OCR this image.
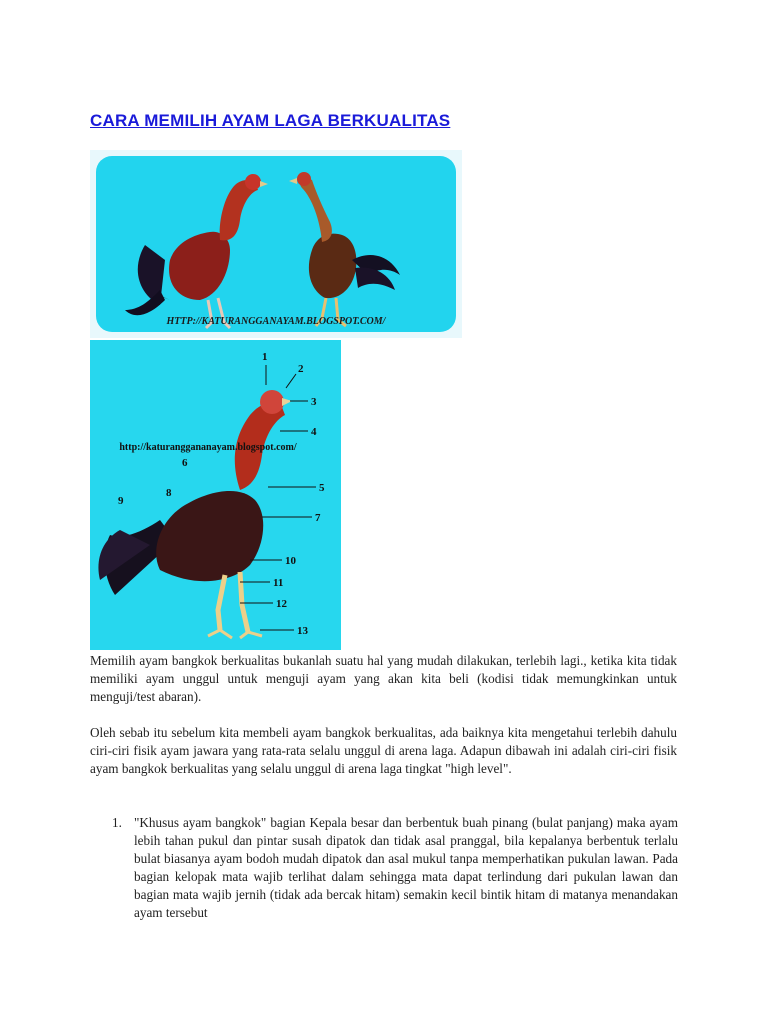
CARA MEMILIH AYAM LAGA BERKUALITAS
HTTP://KATURANGGANAYAM.BLOGSPOT.COM/
http://katuranggananayam.blogspot.com/
1
2
3
4
6
5
8
9
7
10
11
12
13

Memilih ayam bangkok berkualitas bukanlah suatu hal yang mudah dilakukan, terlebih lagi., ketika kita tidak memiliki ayam unggul untuk menguji ayam yang akan kita beli (kodisi tidak memungkinkan untuk menguji/test abaran).

Oleh sebab itu sebelum kita membeli ayam bangkok berkualitas, ada baiknya kita mengetahui terlebih dahulu ciri-ciri fisik ayam jawara yang rata-rata selalu unggul di arena laga. Adapun dibawah ini adalah ciri-ciri fisik ayam bangkok berkualitas yang selalu unggul di arena laga tingkat "high level".

1. "Khusus ayam bangkok" bagian Kepala besar dan berbentuk buah pinang (bulat panjang) maka ayam lebih tahan pukul dan pintar susah dipatok dan tidak asal pranggal, bila kepalanya berbentuk terlalu bulat biasanya ayam bodoh mudah dipatok dan asal mukul tanpa memperhatikan pukulan lawan. Pada bagian kelopak mata wajib terlihat dalam sehingga mata dapat terlindung dari pukulan lawan dan bagian mata wajib jernih (tidak ada bercak hitam) semakin kecil bintik hitam di matanya menandakan ayam tersebut
